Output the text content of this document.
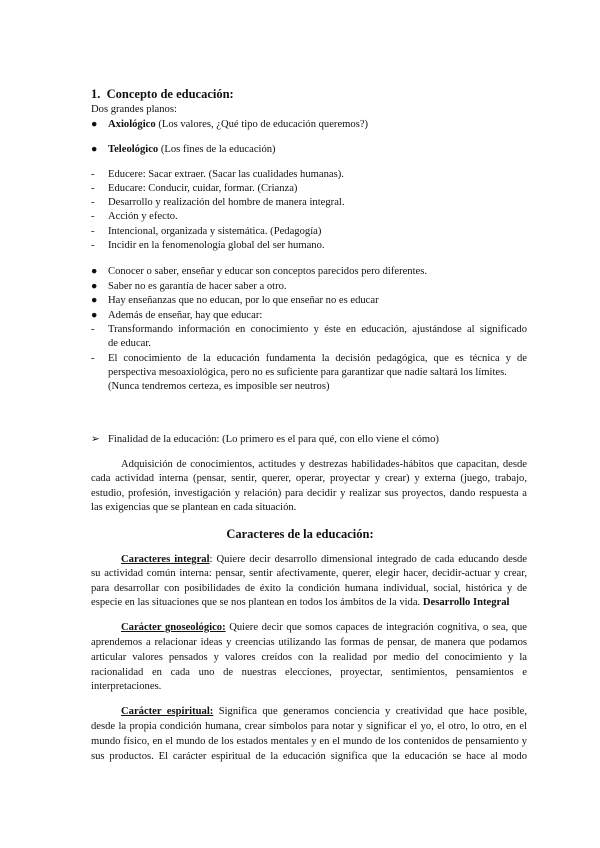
1. Concepto de educación:
Dos grandes planos:
● Axiológico (Los valores, ¿Qué tipo de educación queremos?)
● Teleológico (Los fines de la educación)
-	Educere: Sacar extraer. (Sacar las cualidades humanas).
-	Educare: Conducir, cuidar, formar. (Crianza)
-	Desarrollo y realización del hombre de manera integral.
-	Acción y efecto.
-	Intencional, organizada y sistemática. (Pedagogía)
-	Incidir en la fenomenología global del ser humano.
● Conocer o saber, enseñar y educar son conceptos parecidos pero diferentes.
● Saber no es garantía de hacer saber a otro.
● Hay enseñanzas que no educan, por lo que enseñar no es educar
● Además de enseñar, hay que educar:
-	Transformando información en conocimiento y éste en educación, ajustándose al significado
de educar.
-	El conocimiento de la educación fundamenta la decisión pedagógica, que es técnica y de
perspectiva mesoaxiológica, pero no es suficiente para garantizar que nadie saltará los límites.
(Nunca tendremos certeza, es imposible ser neutros)
➢ Finalidad de la educación: (Lo primero es el para qué, con ello viene el cómo)
Adquisición de conocimientos, actitudes y destrezas habilidades-hábitos que capacitan, desde
cada actividad interna (pensar, sentir, querer, operar, proyectar y crear) y externa (juego, trabajo,
estudio, profesión, investigación y relación) para decidir y realizar sus proyectos, dando respuesta a
las exigencias que se plantean en cada situación.
Caracteres de la educación:
Caracteres integral: Quiere decir desarrollo dimensional integrado de cada educando desde
su actividad común interna: pensar, sentir afectivamente, querer, elegir hacer, decidir-actuar y crear,
para desarrollar con posibilidades de éxito la condición humana individual, social, histórica y de
especie en las situaciones que se nos plantean en todos los ámbitos de la vida. Desarrollo Integral
Carácter gnoseológico: Quiere decir que somos capaces de integración cognitiva, o sea, que
aprendemos a relacionar ideas y creencias utilizando las formas de pensar, de manera que podamos
articular valores pensados y valores creídos con la realidad por medio del conocimiento y la
racionalidad en cada uno de nuestras elecciones, proyectar, sentimientos, pensamientos e
interpretaciones.
Carácter espiritual: Significa que generamos conciencia y creatividad que hace posible,
desde la propia condición humana, crear símbolos para notar y significar el yo, el otro, lo otro, en el
mundo físico, en el mundo de los estados mentales y en el mundo de los contenidos de pensamiento y
sus productos. El carácter espiritual de la educación significa que la educación se hace al modo
